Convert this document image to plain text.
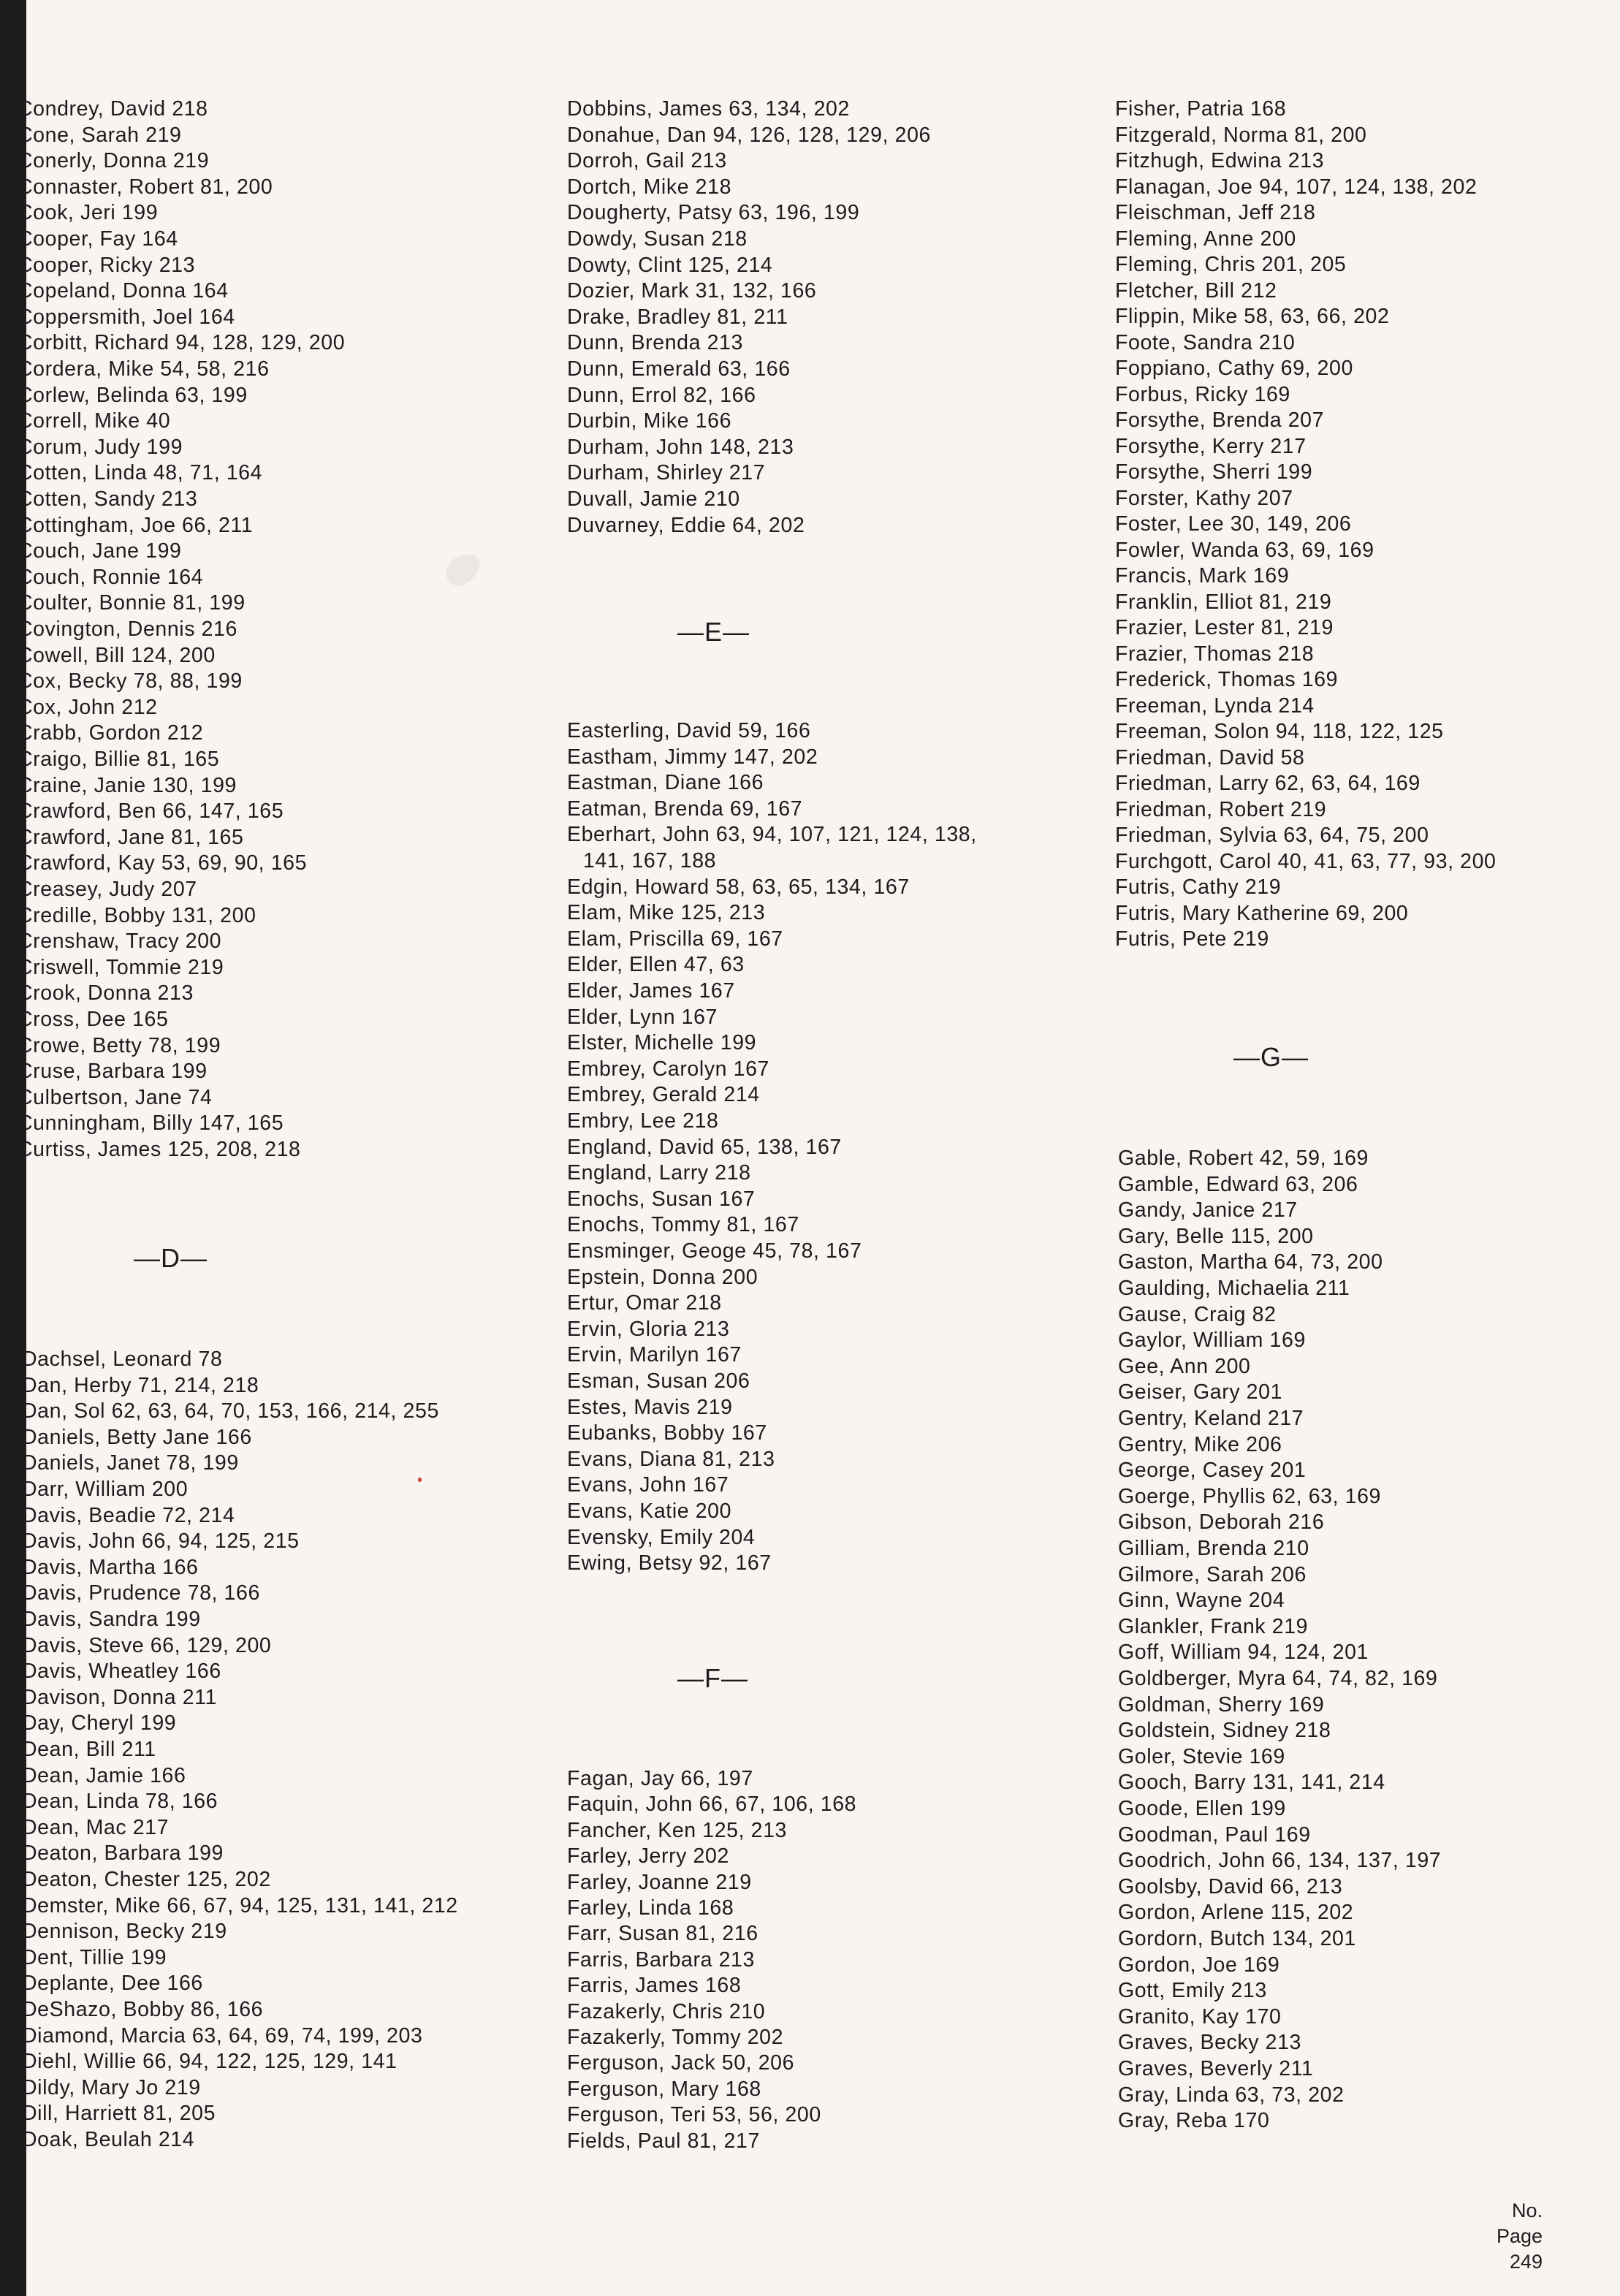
Condrey, David 218
Cone, Sarah 219
Conerly, Donna 219
Connaster, Robert 81, 200
Cook, Jeri 199
Cooper, Fay 164
Cooper, Ricky 213
Copeland, Donna 164
Coppersmith, Joel 164
Corbitt, Richard 94, 128, 129, 200
Cordera, Mike 54, 58, 216
Corlew, Belinda 63, 199
Correll, Mike 40
Corum, Judy 199
Cotten, Linda 48, 71, 164
Cotten, Sandy 213
Cottingham, Joe 66, 211
Couch, Jane 199
Couch, Ronnie 164
Coulter, Bonnie 81, 199
Covington, Dennis 216
Cowell, Bill 124, 200
Cox, Becky 78, 88, 199
Cox, John 212
Crabb, Gordon 212
Craigo, Billie 81, 165
Craine, Janie 130, 199
Crawford, Ben 66, 147, 165
Crawford, Jane 81, 165
Crawford, Kay 53, 69, 90, 165
Creasey, Judy 207
Credille, Bobby 131, 200
Crenshaw, Tracy 200
Criswell, Tommie 219
Crook, Donna 213
Cross, Dee 165
Crowe, Betty 78, 199
Cruse, Barbara 199
Culbertson, Jane 74
Cunningham, Billy 147, 165
Curtiss, James 125, 208, 218
—D—
Dachsel, Leonard 78
Dan, Herby 71, 214, 218
Dan, Sol 62, 63, 64, 70, 153, 166, 214, 255
Daniels, Betty Jane 166
Daniels, Janet 78, 199
Darr, William 200
Davis, Beadie 72, 214
Davis, John 66, 94, 125, 215
Davis, Martha 166
Davis, Prudence 78, 166
Davis, Sandra 199
Davis, Steve 66, 129, 200
Davis, Wheatley 166
Davison, Donna 211
Day, Cheryl 199
Dean, Bill 211
Dean, Jamie 166
Dean, Linda 78, 166
Dean, Mac 217
Deaton, Barbara 199
Deaton, Chester 125, 202
Demster, Mike 66, 67, 94, 125, 131, 141, 212
Dennison, Becky 219
Dent, Tillie 199
Deplante, Dee 166
DeShazo, Bobby 86, 166
Diamond, Marcia 63, 64, 69, 74, 199, 203
Diehl, Willie 66, 94, 122, 125, 129, 141
Dildy, Mary Jo 219
Dill, Harriett 81, 205
Doak, Beulah 214
Dobbins, James 63, 134, 202
Donahue, Dan 94, 126, 128, 129, 206
Dorroh, Gail 213
Dortch, Mike 218
Dougherty, Patsy 63, 196, 199
Dowdy, Susan 218
Dowty, Clint 125, 214
Dozier, Mark 31, 132, 166
Drake, Bradley 81, 211
Dunn, Brenda 213
Dunn, Emerald 63, 166
Dunn, Errol 82, 166
Durbin, Mike 166
Durham, John 148, 213
Durham, Shirley 217
Duvall, Jamie 210
Duvarney, Eddie 64, 202
—E—
Easterling, David 59, 166
Eastham, Jimmy 147, 202
Eastman, Diane 166
Eatman, Brenda 69, 167
Eberhart, John 63, 94, 107, 121, 124, 138,
141, 167, 188
Edgin, Howard 58, 63, 65, 134, 167
Elam, Mike 125, 213
Elam, Priscilla 69, 167
Elder, Ellen 47, 63
Elder, James 167
Elder, Lynn 167
Elster, Michelle 199
Embrey, Carolyn 167
Embrey, Gerald 214
Embry, Lee 218
England, David 65, 138, 167
England, Larry 218
Enochs, Susan 167
Enochs, Tommy 81, 167
Ensminger, Geoge 45, 78, 167
Epstein, Donna 200
Ertur, Omar 218
Ervin, Gloria 213
Ervin, Marilyn 167
Esman, Susan 206
Estes, Mavis 219
Eubanks, Bobby 167
Evans, Diana 81, 213
Evans, John 167
Evans, Katie 200
Evensky, Emily 204
Ewing, Betsy 92, 167
—F—
Fagan, Jay 66, 197
Faquin, John 66, 67, 106, 168
Fancher, Ken 125, 213
Farley, Jerry 202
Farley, Joanne 219
Farley, Linda 168
Farr, Susan 81, 216
Farris, Barbara 213
Farris, James 168
Fazakerly, Chris 210
Fazakerly, Tommy 202
Ferguson, Jack 50, 206
Ferguson, Mary 168
Ferguson, Teri 53, 56, 200
Fields, Paul 81, 217
Fisher, Patria 168
Fitzgerald, Norma 81, 200
Fitzhugh, Edwina 213
Flanagan, Joe 94, 107, 124, 138, 202
Fleischman, Jeff 218
Fleming, Anne 200
Fleming, Chris 201, 205
Fletcher, Bill 212
Flippin, Mike 58, 63, 66, 202
Foote, Sandra 210
Foppiano, Cathy 69, 200
Forbus, Ricky 169
Forsythe, Brenda 207
Forsythe, Kerry 217
Forsythe, Sherri 199
Forster, Kathy 207
Foster, Lee 30, 149, 206
Fowler, Wanda 63, 69, 169
Francis, Mark 169
Franklin, Elliot 81, 219
Frazier, Lester 81, 219
Frazier, Thomas 218
Frederick, Thomas 169
Freeman, Lynda 214
Freeman, Solon 94, 118, 122, 125
Friedman, David 58
Friedman, Larry 62, 63, 64, 169
Friedman, Robert 219
Friedman, Sylvia 63, 64, 75, 200
Furchgott, Carol 40, 41, 63, 77, 93, 200
Futris, Cathy 219
Futris, Mary Katherine 69, 200
Futris, Pete 219
—G—
Gable, Robert 42, 59, 169
Gamble, Edward 63, 206
Gandy, Janice 217
Gary, Belle 115, 200
Gaston, Martha 64, 73, 200
Gaulding, Michaelia 211
Gause, Craig 82
Gaylor, William 169
Gee, Ann 200
Geiser, Gary 201
Gentry, Keland 217
Gentry, Mike 206
George, Casey 201
Goerge, Phyllis 62, 63, 169
Gibson, Deborah 216
Gilliam, Brenda 210
Gilmore, Sarah 206
Ginn, Wayne 204
Glankler, Frank 219
Goff, William 94, 124, 201
Goldberger, Myra 64, 74, 82, 169
Goldman, Sherry 169
Goldstein, Sidney 218
Goler, Stevie 169
Gooch, Barry 131, 141, 214
Goode, Ellen 199
Goodman, Paul 169
Goodrich, John 66, 134, 137, 197
Goolsby, David 66, 213
Gordon, Arlene 115, 202
Gordorn, Butch 134, 201
Gordon, Joe 169
Gott, Emily 213
Granito, Kay 170
Graves, Becky 213
Graves, Beverly 211
Gray, Linda 63, 73, 202
Gray, Reba 170
No.
Page
249
